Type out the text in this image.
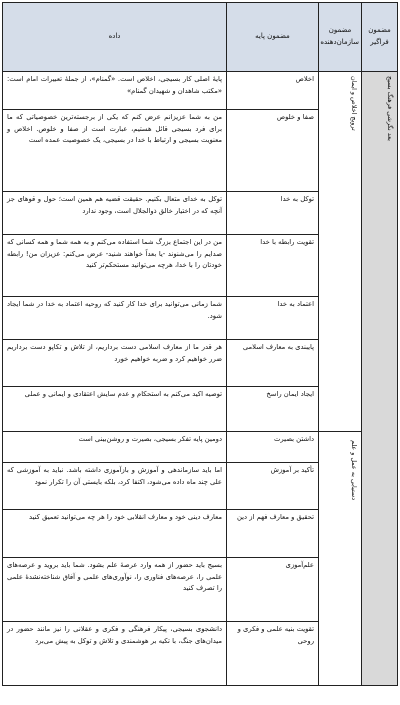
مضمون فراگیر	مضمون سازمان‌دهنده	مضمون پایه	داده

بعد نگرشی فرهنگ بسیج	ترویج اخلاص و ایمان	اخلاص	پایهٔ اصلی کار بسیجی، اخلاص است. «گمنام»، از جملهٔ تعبیرات امام است: «مکتب شاهدان و شهیدان گمنام»
		صفا و خلوص	من به شما عزیزانم عرض کنم که یکی از برجسته‌ترین خصوصیاتی که ما برای فرد بسیجی قائل هستیم، عبارت است از صفا و خلوص. اخلاص و معنویت بسیجی و ارتباط با خدا در بسیجی، یک خصوصیت عمده است
		توکل به خدا	توکل به خدای متعال بکنیم. حقیقت قضیه هم همین است؛ حول و قوهای جز آنچه که در اختیار خالق ذوالجلال است، وجود ندارد
		تقویت رابطه با خدا	من در این اجتماع بزرگ شما استفاده می‌کنم و به همه شما و همه کسانی که صدایم را می‌شنوند -یا بعداً خواهند شنید- عرض می‌کنم: عزیزان من! رابطه خودتان را با خدا، هرچه می‌توانید مستحکم‌تر کنید
		اعتماد به خدا	شما زمانی می‌توانید برای خدا کار کنید که روحیه اعتماد به خدا در شما ایجاد شود.
		پایبندی به معارف اسلامی	هر قدر ما از معارف اسلامی دست برداریم، از تلاش و تکاپو دست برداریم ضرر خواهیم کرد و ضربه خواهیم خورد
		ایجاد ایمان راسخ	توصیه اکید می‌کنم به استحکام و عدم سایش اعتقادی و ایمانی و عملی

	دستیابی به عمل و علم	داشتن بصیرت	دومین پایه تفکر بسیجی، بصیرت و روشن‌بینی است
		تأکید بر آموزش	اما باید سازماندهی و آموزش و بازآموزی داشته باشد. نباید به آموزشی که علی چند ماه داده می‌شود، اکتفا کرد، بلکه بایستی آن را تکرار نمود
		تحقیق و معارف فهم از دین	معارف دینی خود و معارف انقلابی خود را هر چه می‌توانید تعمیق کنید
		علم‌آموزی	بسیج باید حضور از همه وارد عرصهٔ علم بشود. شما باید بروید و عرصه‌های علمی را، عرصه‌های فناوری را، نوآوری‌های علمی و آفاق شناخته‌نشدهٔ علمی را تصرف کنید
		تقویت بنیه علمی و فکری و روحی	دانشجوی بسیجی، پیکار فرهنگی و فکری و عقلانی را نیز مانند حضور در میدان‌های جنگ، با تکیه بر هوشمندی و تلاش و توکل به پیش می‌برد
